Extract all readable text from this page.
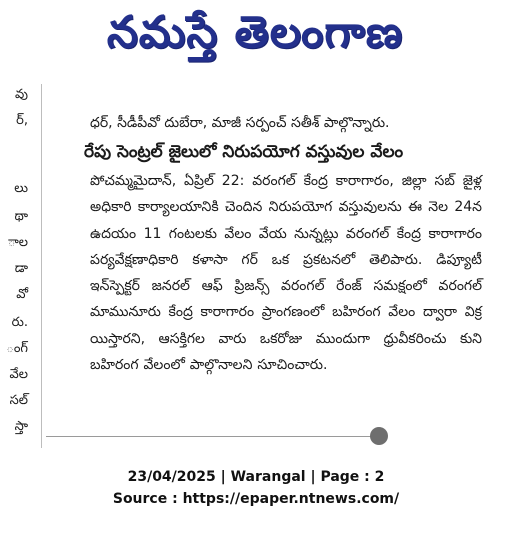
నమస్తే తెలంగాణ
వు
ర్,
లు
థా
ాల
డా
వో
రు.
ంగ్
వేల
సల్
స్తా
ధర్, సీడీపీవో దుబేరా, మాజీ సర్పంచ్ సతీశ్ పాల్గొన్నారు.
రేపు సెంట్రల్ జైలులో నిరుపయోగ వస్తువుల వేలం
పోచమ్మమైదాన్, ఏప్రిల్ 22: వరంగల్ కేంద్ర కారాగారం, జిల్లా సబ్ జైళ్ల అధికారి కార్యాలయానికి చెందిన నిరుపయోగ వస్తువులను ఈ నెల 24న ఉదయం 11 గంటలకు వేలం వేయ నున్నట్లు వరంగల్ కేంద్ర కారాగారం పర్యవేక్షణాధికారి కళాసా గర్ ఒక ప్రకటనలో తెలిపారు. డిప్యూటీ ఇన్‌స్పెక్టర్ జనరల్ ఆఫ్ ప్రిజన్స్ వరంగల్ రేంజ్ సమక్షంలో వరంగల్ మామునూరు కేంద్ర కారాగారం ప్రాంగణంలో బహిరంగ వేలం ద్వారా విక్ర యిస్తారని, ఆసక్తిగల వారు ఒకరోజు ముందుగా ధ్రువీకరించు కుని బహిరంగ వేలంలో పాల్గొనాలని సూచించారు.
23/04/2025 | Warangal | Page : 2
Source : https://epaper.ntnews.com/
